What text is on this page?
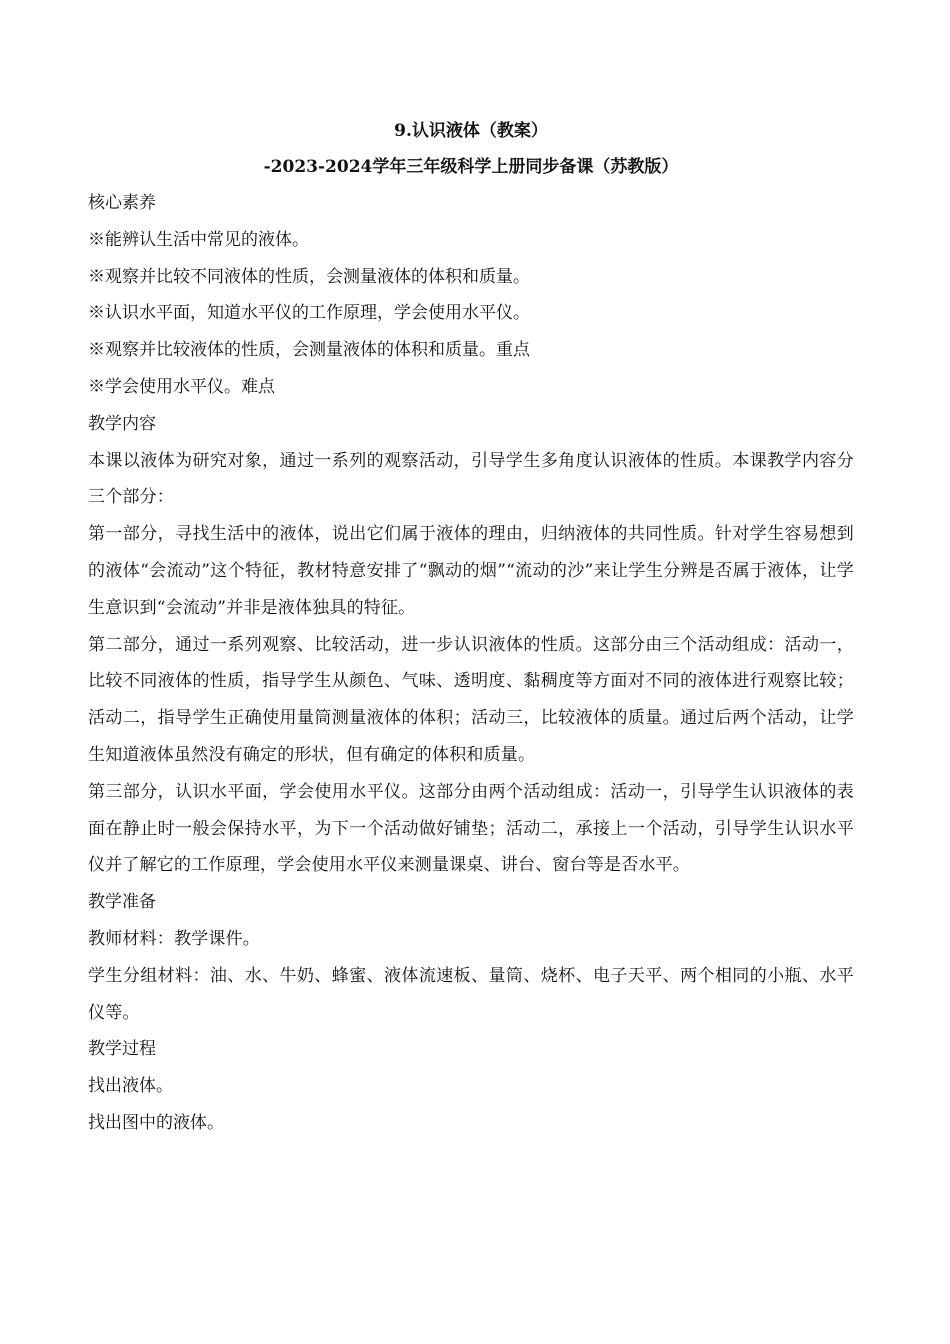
9.认识液体（教案）

-2023-2024学年三年级科学上册同步备课（苏教版）

核心素养

※能辨认生活中常见的液体。

※观察并比较不同液体的性质，会测量液体的体积和质量。

※认识水平面，知道水平仪的工作原理，学会使用水平仪。

※观察并比较液体的性质，会测量液体的体积和质量。重点

※学会使用水平仪。难点

教学内容

本课以液体为研究对象，通过一系列的观察活动，引导学生多角度认识液体的性质。本课教学内容分三个部分：

第一部分，寻找生活中的液体，说出它们属于液体的理由，归纳液体的共同性质。针对学生容易想到的液体“会流动”这个特征，教材特意安排了“飘动的烟”“流动的沙”来让学生分辨是否属于液体，让学生意识到“会流动”并非是液体独具的特征。

第二部分，通过一系列观察、比较活动，进一步认识液体的性质。这部分由三个活动组成：活动一，比较不同液体的性质，指导学生从颜色、气味、透明度、黏稠度等方面对不同的液体进行观察比较；活动二，指导学生正确使用量筒测量液体的体积；活动三，比较液体的质量。通过后两个活动，让学生知道液体虽然没有确定的形状，但有确定的体积和质量。

第三部分，认识水平面，学会使用水平仪。这部分由两个活动组成：活动一，引导学生认识液体的表面在静止时一般会保持水平，为下一个活动做好铺垫；活动二，承接上一个活动，引导学生认识水平仪并了解它的工作原理，学会使用水平仪来测量课桌、讲台、窗台等是否水平。

教学准备

教师材料：教学课件。

学生分组材料：油、水、牛奶、蜂蜜、液体流速板、量筒、烧杯、电子天平、两个相同的小瓶、水平仪等。

教学过程

找出液体。

找出图中的液体。
